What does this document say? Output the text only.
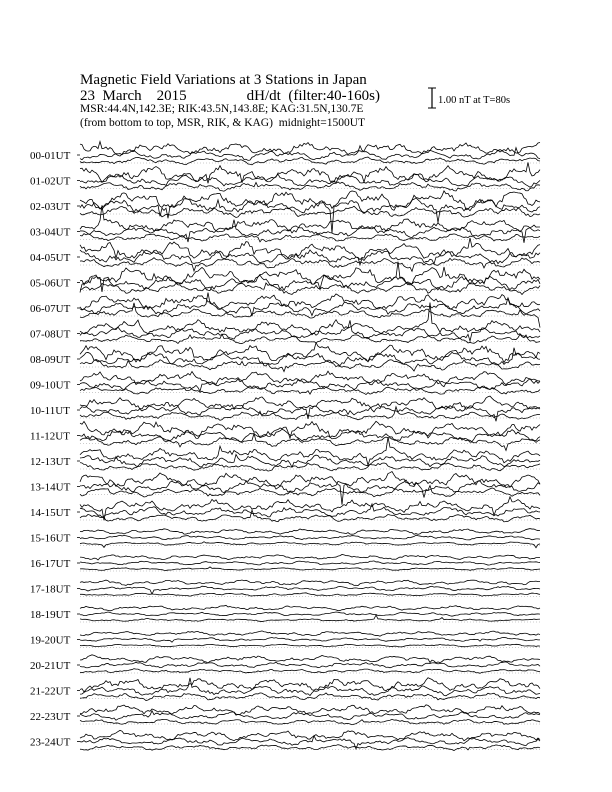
Magnetic Field Variations at 3 Stations in Japan
23 March 2015	dH/dt (filter:40-160s)
MSR:44.4N,142.3E; RIK:43.5N,143.8E; KAG:31.5N,130.7E
(from bottom to top, MSR, RIK, & KAG) midnight=1500UT
1.00 nT at T=80s
00-01UT
01-02UT
02-03UT
03-04UT
04-05UT
05-06UT
06-07UT
07-08UT
08-09UT
09-10UT
10-11UT
11-12UT
12-13UT
13-14UT
14-15UT
15-16UT
16-17UT
17-18UT
18-19UT
19-20UT
20-21UT
21-22UT
22-23UT
23-24UT
